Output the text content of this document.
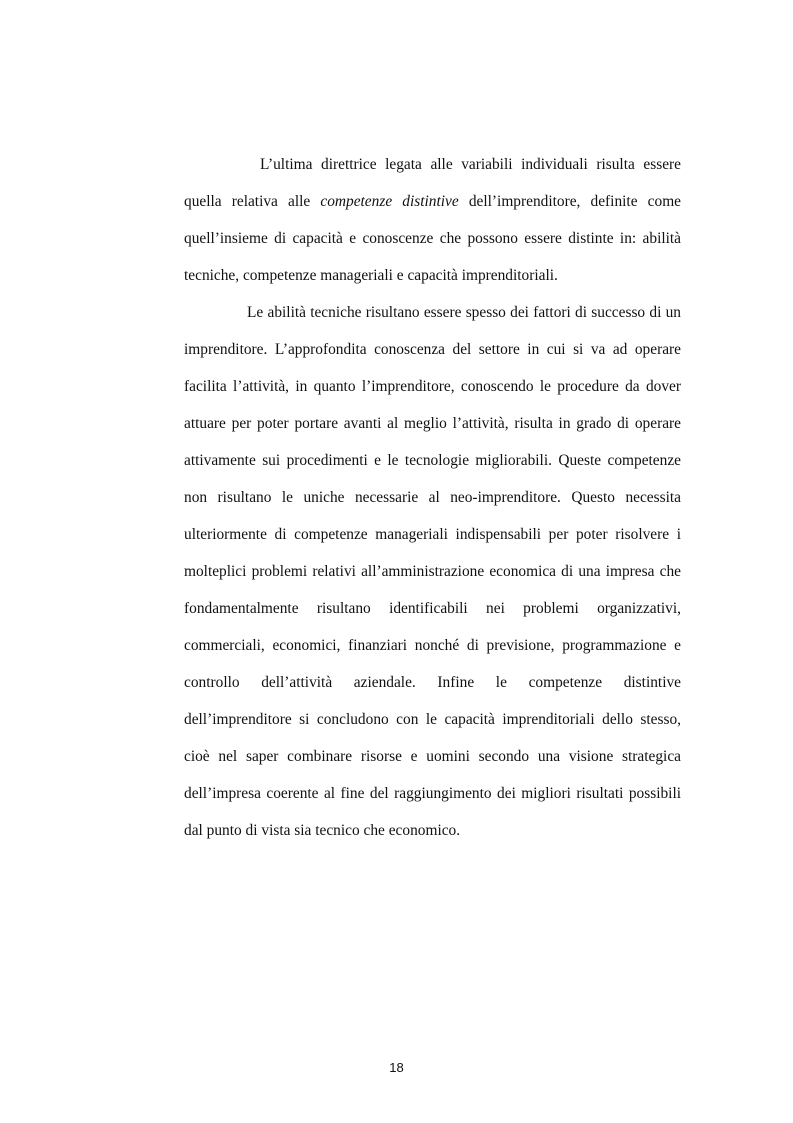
L’ultima direttrice legata alle variabili individuali risulta essere quella relativa alle competenze distintive dell’imprenditore, definite come quell’insieme di capacità e conoscenze che possono essere distinte in: abilità tecniche, competenze manageriali e capacità imprenditoriali.

Le abilità tecniche risultano essere spesso dei fattori di successo di un imprenditore. L’approfondita conoscenza del settore in cui si va ad operare facilita l’attività, in quanto l’imprenditore, conoscendo le procedure da dover attuare per poter portare avanti al meglio l’attività, risulta in grado di operare attivamente sui procedimenti e le tecnologie migliorabili. Queste competenze non risultano le uniche necessarie al neo-imprenditore. Questo necessita ulteriormente di competenze manageriali indispensabili per poter risolvere i molteplici problemi relativi all’amministrazione economica di una impresa che fondamentalmente risultano identificabili nei problemi organizzativi, commerciali, economici, finanziari nonché di previsione, programmazione e controllo dell’attività aziendale. Infine le competenze distintive dell’imprenditore si concludono con le capacità imprenditoriali dello stesso, cioè nel saper combinare risorse e uomini secondo una visione strategica dell’impresa coerente al fine del raggiungimento dei migliori risultati possibili dal punto di vista sia tecnico che economico.

18
